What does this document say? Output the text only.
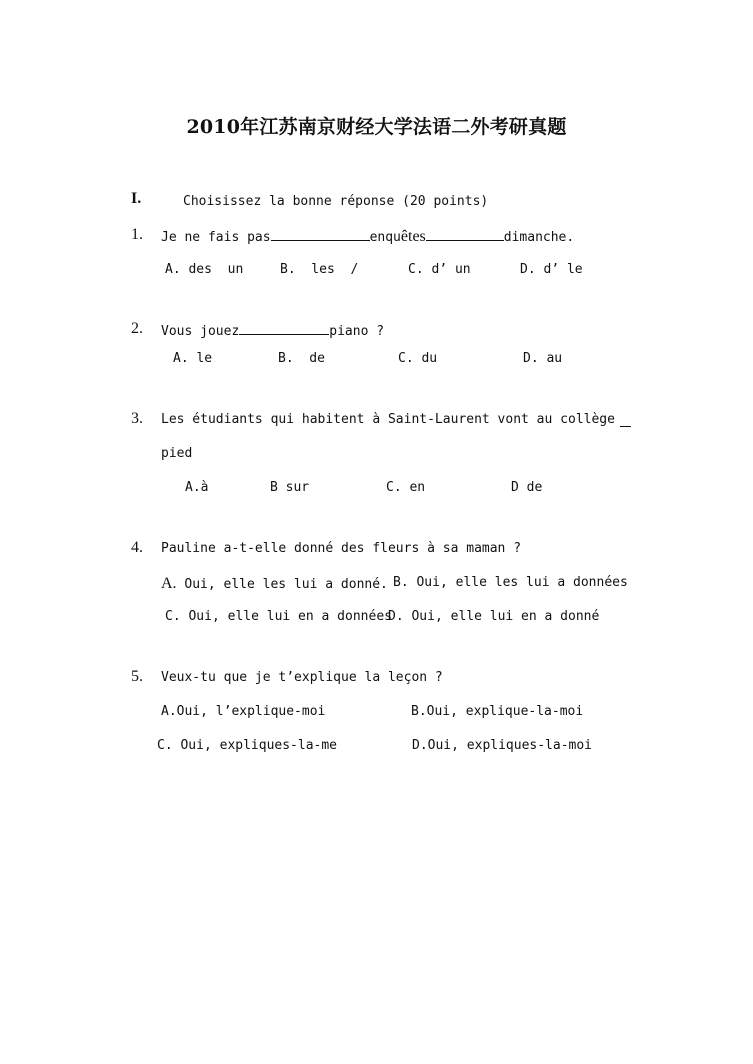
2010年江苏南京财经大学法语二外考研真题
I.	Choisissez la bonne réponse (20 points)
1. Je ne fais pas	enquêtes	dimanche.
A. des  un	B.  les  /	C. d’ un	D. d’ le
2. Vous jouez	piano ?
A. le	B.  de	C. du	D. au
3. Les étudiants qui habitent à Saint-Laurent vont au collège
pied
A.à	B sur	C. en	D de
4. Pauline a-t-elle donné des fleurs à sa maman ?
A. Oui, elle les lui a donné. B. Oui, elle les lui a données
C. Oui, elle lui en a données
D. Oui, elle lui en a donné
5. Veux-tu que je t’explique la leçon ?
A.Oui, l’explique-moi	B.Oui, explique-la-moi
C. Oui, expliques-la-me	D.Oui, expliques-la-moi
